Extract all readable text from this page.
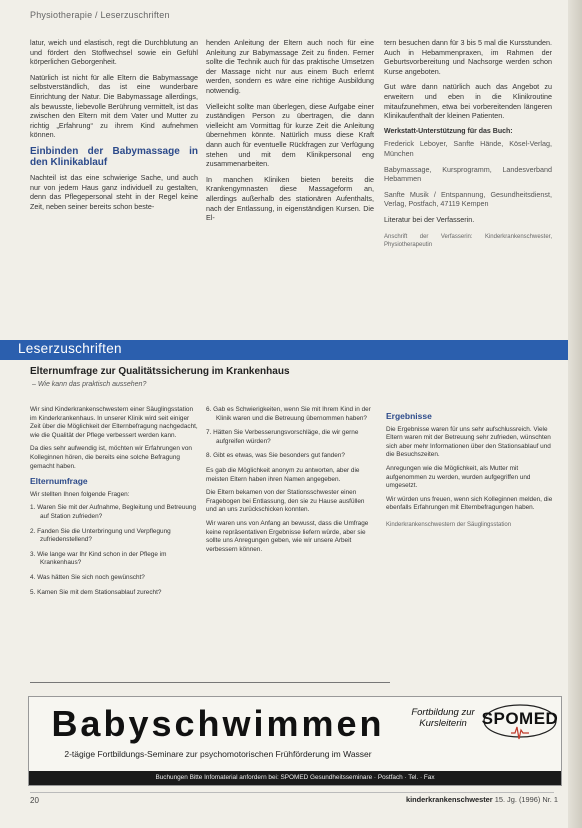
Physiotherapie / Leserzuschriften

latur, weich und elastisch, regt die Durchblutung an und fördert den Stoffwechsel sowie ein Gefühl körperlichen Geborgenheit.

Natürlich ist nicht für alle Eltern die Babymassage selbstverständlich, das ist eine wunderbare Einrichtung der Natur. Die Babymassage allerdings, als bewusste, liebevolle Berührung vermittelt, ist das zwischen den Eltern mit dem Vater und Mutter zu richtig „Erfahrung“ zu ihrem Kind aufnehmen können.

Einbinden der Babymassage in den Klinikablauf

Nachteil ist das eine schwierige Sache, und auch nur von jedem Haus ganz individuell zu gestalten, denn das Pflegepersonal steht in der Regel keine Zeit, neben seiner bereits schon beste-

henden Anleitung der Eltern auch noch für eine Anleitung zur Babymassage Zeit zu finden. Ferner sollte die Technik auch für das praktische Umsetzen der Massage nicht nur aus einem Buch erlernt werden, sondern es wäre eine richtige Ausbildung notwendig.

Vielleicht sollte man überlegen, diese Aufgabe einer zuständigen Person zu übertragen, die dann vielleicht am Vormittag für kurze Zeit die Anleitung übernehmen könnte. Natürlich muss diese Kraft dann auch für eventuelle Rückfragen zur Verfügung stehen und mit dem Klinikpersonal eng zusammenarbeiten.

In manchen Kliniken bieten bereits die Krankengymnasten diese Massageform an, allerdings außerhalb des stationären Aufenthalts, nach der Entlassung, in eigenständigen Kursen. Die El-

tern besuchen dann für 3 bis 5 mal die Kursstunden. Auch in Hebammenpraxen, im Rahmen der Geburtsvorbereitung und Nachsorge werden schon Kurse angeboten.

Gut wäre dann natürlich auch das Angebot zu erweitern und eben in die Klinikroutine mitaufzunehmen, etwa bei vorbereitenden längeren Klinikaufenthalt der kleinen Patienten.

Werkstatt-Unterstützung für das Buch:

Frederick Leboyer, Sanfte Hände, Kösel-Verlag, München

Babymassage, Kursprogramm, Landesverband Hebammen

Sanfte Musik / Entspannung, Gesundheitsdienst, Verlag, Postfach, 47119 Kempen

Literatur bei der Verfasserin.

Anschrift der Verfasserin: Kinderkrankenschwester, Physiotherapeutin
Leserzuschriften
Elternumfrage zur Qualitätssicherung im Krankenhaus
– Wie kann das praktisch aussehen?

Wir sind Kinderkrankenschwestern einer Säuglingsstation im Kinderkrankenhaus. In unserer Klinik wird seit einiger Zeit über die Möglichkeit der Elternbefragung nachgedacht, wie die Qualität der Pflege verbessert werden kann.

Da dies sehr aufwendig ist, möchten wir Erfahrungen von Kolleginnen hören, die bereits eine solche Befragung gemacht haben.

Elternumfrage

Wir stellten Ihnen folgende Fragen:

1. Waren Sie mit der Aufnahme, Begleitung und Betreuung auf Station zufrieden?
2. Fanden Sie die Unterbringung und Verpflegung zufriedenstellend?
3. Wie lange war Ihr Kind schon in der Pflege im Krankenhaus?
4. Was hätten Sie sich noch gewünscht?
5. Kamen Sie mit dem Stationsablauf zurecht?
6. Gab es Schwierigkeiten, wenn Sie mit Ihrem Kind in der Klinik waren und die Betreuung übernommen haben?
7. Hätten Sie Verbesserungsvorschläge, die wir gerne aufgreifen würden?
8. Gibt es etwas, was Sie besonders gut fanden?

Es gab die Möglichkeit anonym zu antworten, aber die meisten Eltern haben ihren Namen angegeben.

Die Eltern bekamen von der Stationsschwester einen Fragebogen bei Entlassung, den sie zu Hause ausfüllen und an uns zurückschicken konnten.

Wir waren uns von Anfang an bewusst, dass die Umfrage keine repräsentativen Ergebnisse liefern würde, aber sie sollte uns Anregungen geben, wie wir unsere Arbeit verbessern können.

Ergebnisse

Die Ergebnisse waren für uns sehr aufschlussreich. Viele Eltern waren mit der Betreuung sehr zufrieden, wünschten sich aber mehr Informationen über den Stationsablauf und die Besuchszeiten.

Anregungen wie die Möglichkeit, als Mutter mit aufgenommen zu werden, wurden aufgegriffen und umgesetzt.

Wir würden uns freuen, wenn sich Kolleginnen melden, die ebenfalls Erfahrungen mit Elternbefragungen haben.

Kinderkrankenschwestern der Säuglingsstation
Babyschwimmen
2-tägige Fortbildungs-Seminare zur psychomotorischen Frühförderung im Wasser
Fortbildung zur Kursleiterin SPOMED
Buchungen Bitte Infomaterial anfordern bei: SPOMED Gesundheitsseminare · Postfach · Tel. · Fax
20	kinderkrankenschwester 15. Jg. (1996) Nr. 1
